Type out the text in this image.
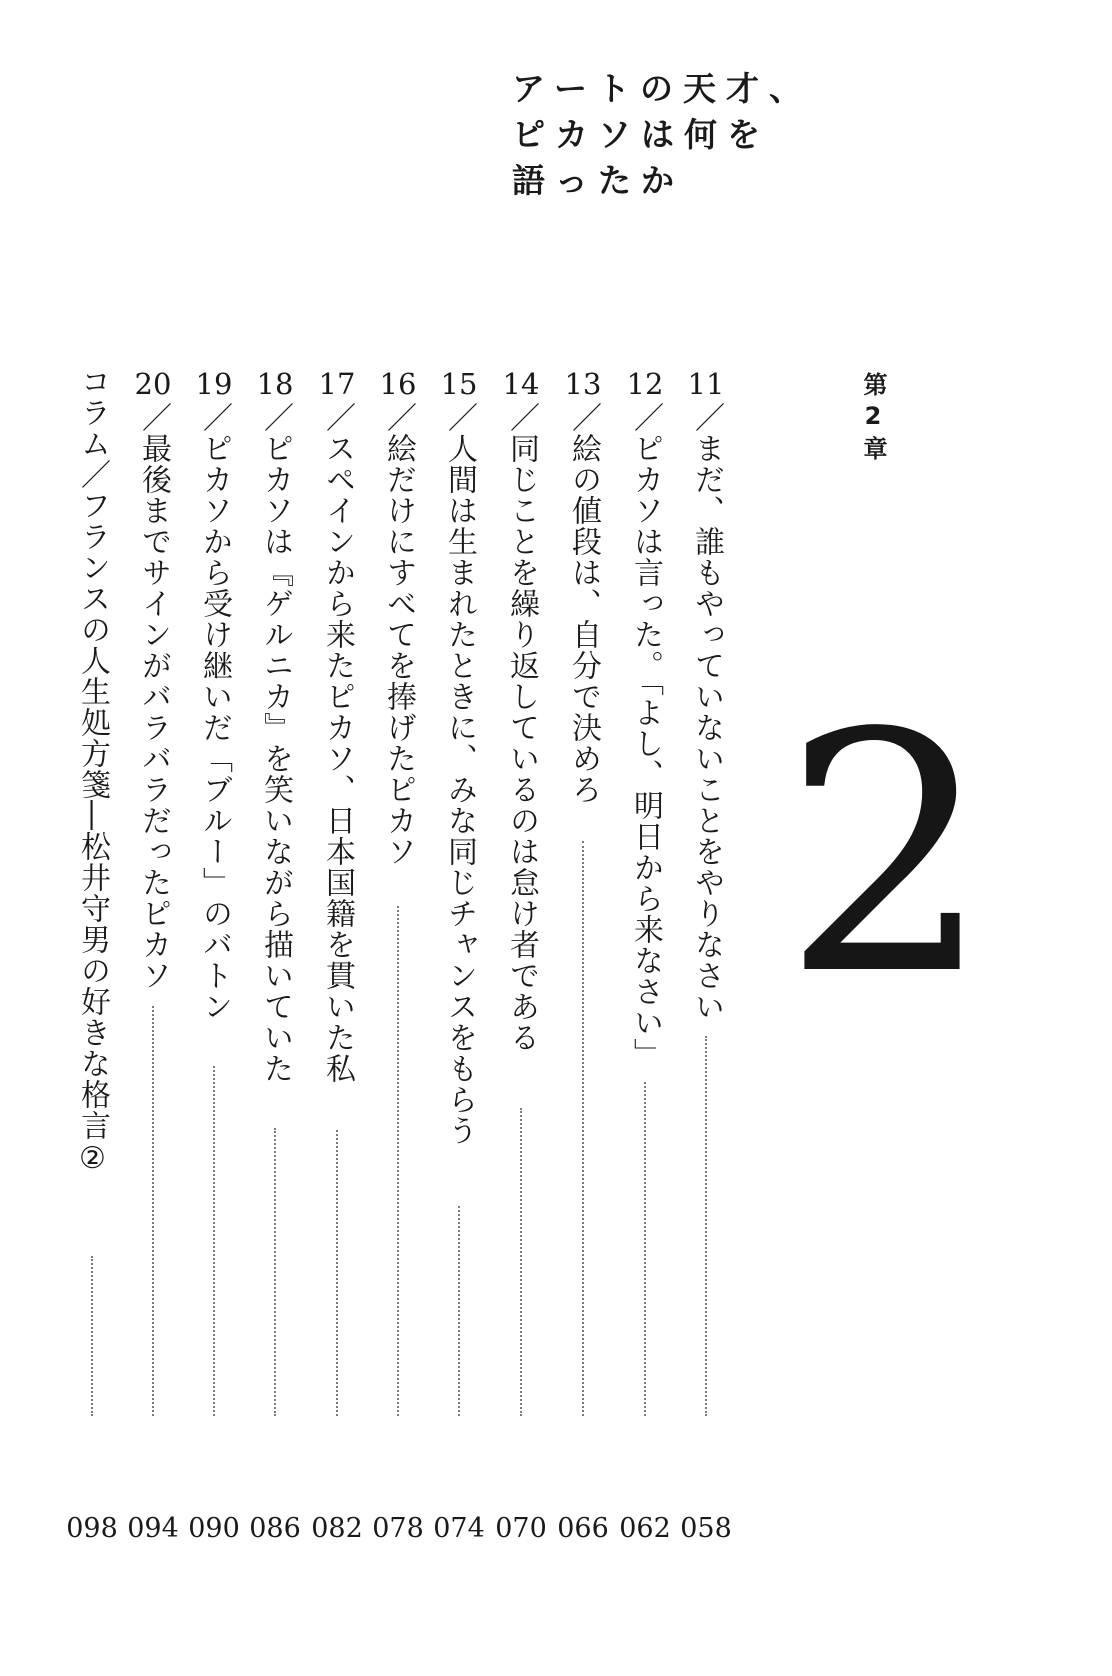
アートの天才、
ピカソは何を
語ったか
第2章
2
11
／まだ、誰もやっていないことをやりなさい
058
12
／ピカソは言った。「よし、明日から来なさい」
062
13
／絵の値段は、自分で決めろ
066
14
／同じことを繰り返しているのは怠け者である
070
15
／人間は生まれたときに、みな同じチャンスをもらう
074
16
／絵だけにすべてを捧げたピカソ
078
17
／スペインから来たピカソ、日本国籍を貫いた私
082
18
／ピカソは『ゲルニカ』を笑いながら描いていた
086
19
／ピカソから受け継いだ「ブルー」のバトン
090
20
／最後までサインがバラバラだったピカソ
094
コラム／フランスの人生処方箋―松井守男の好きな格言②
098
